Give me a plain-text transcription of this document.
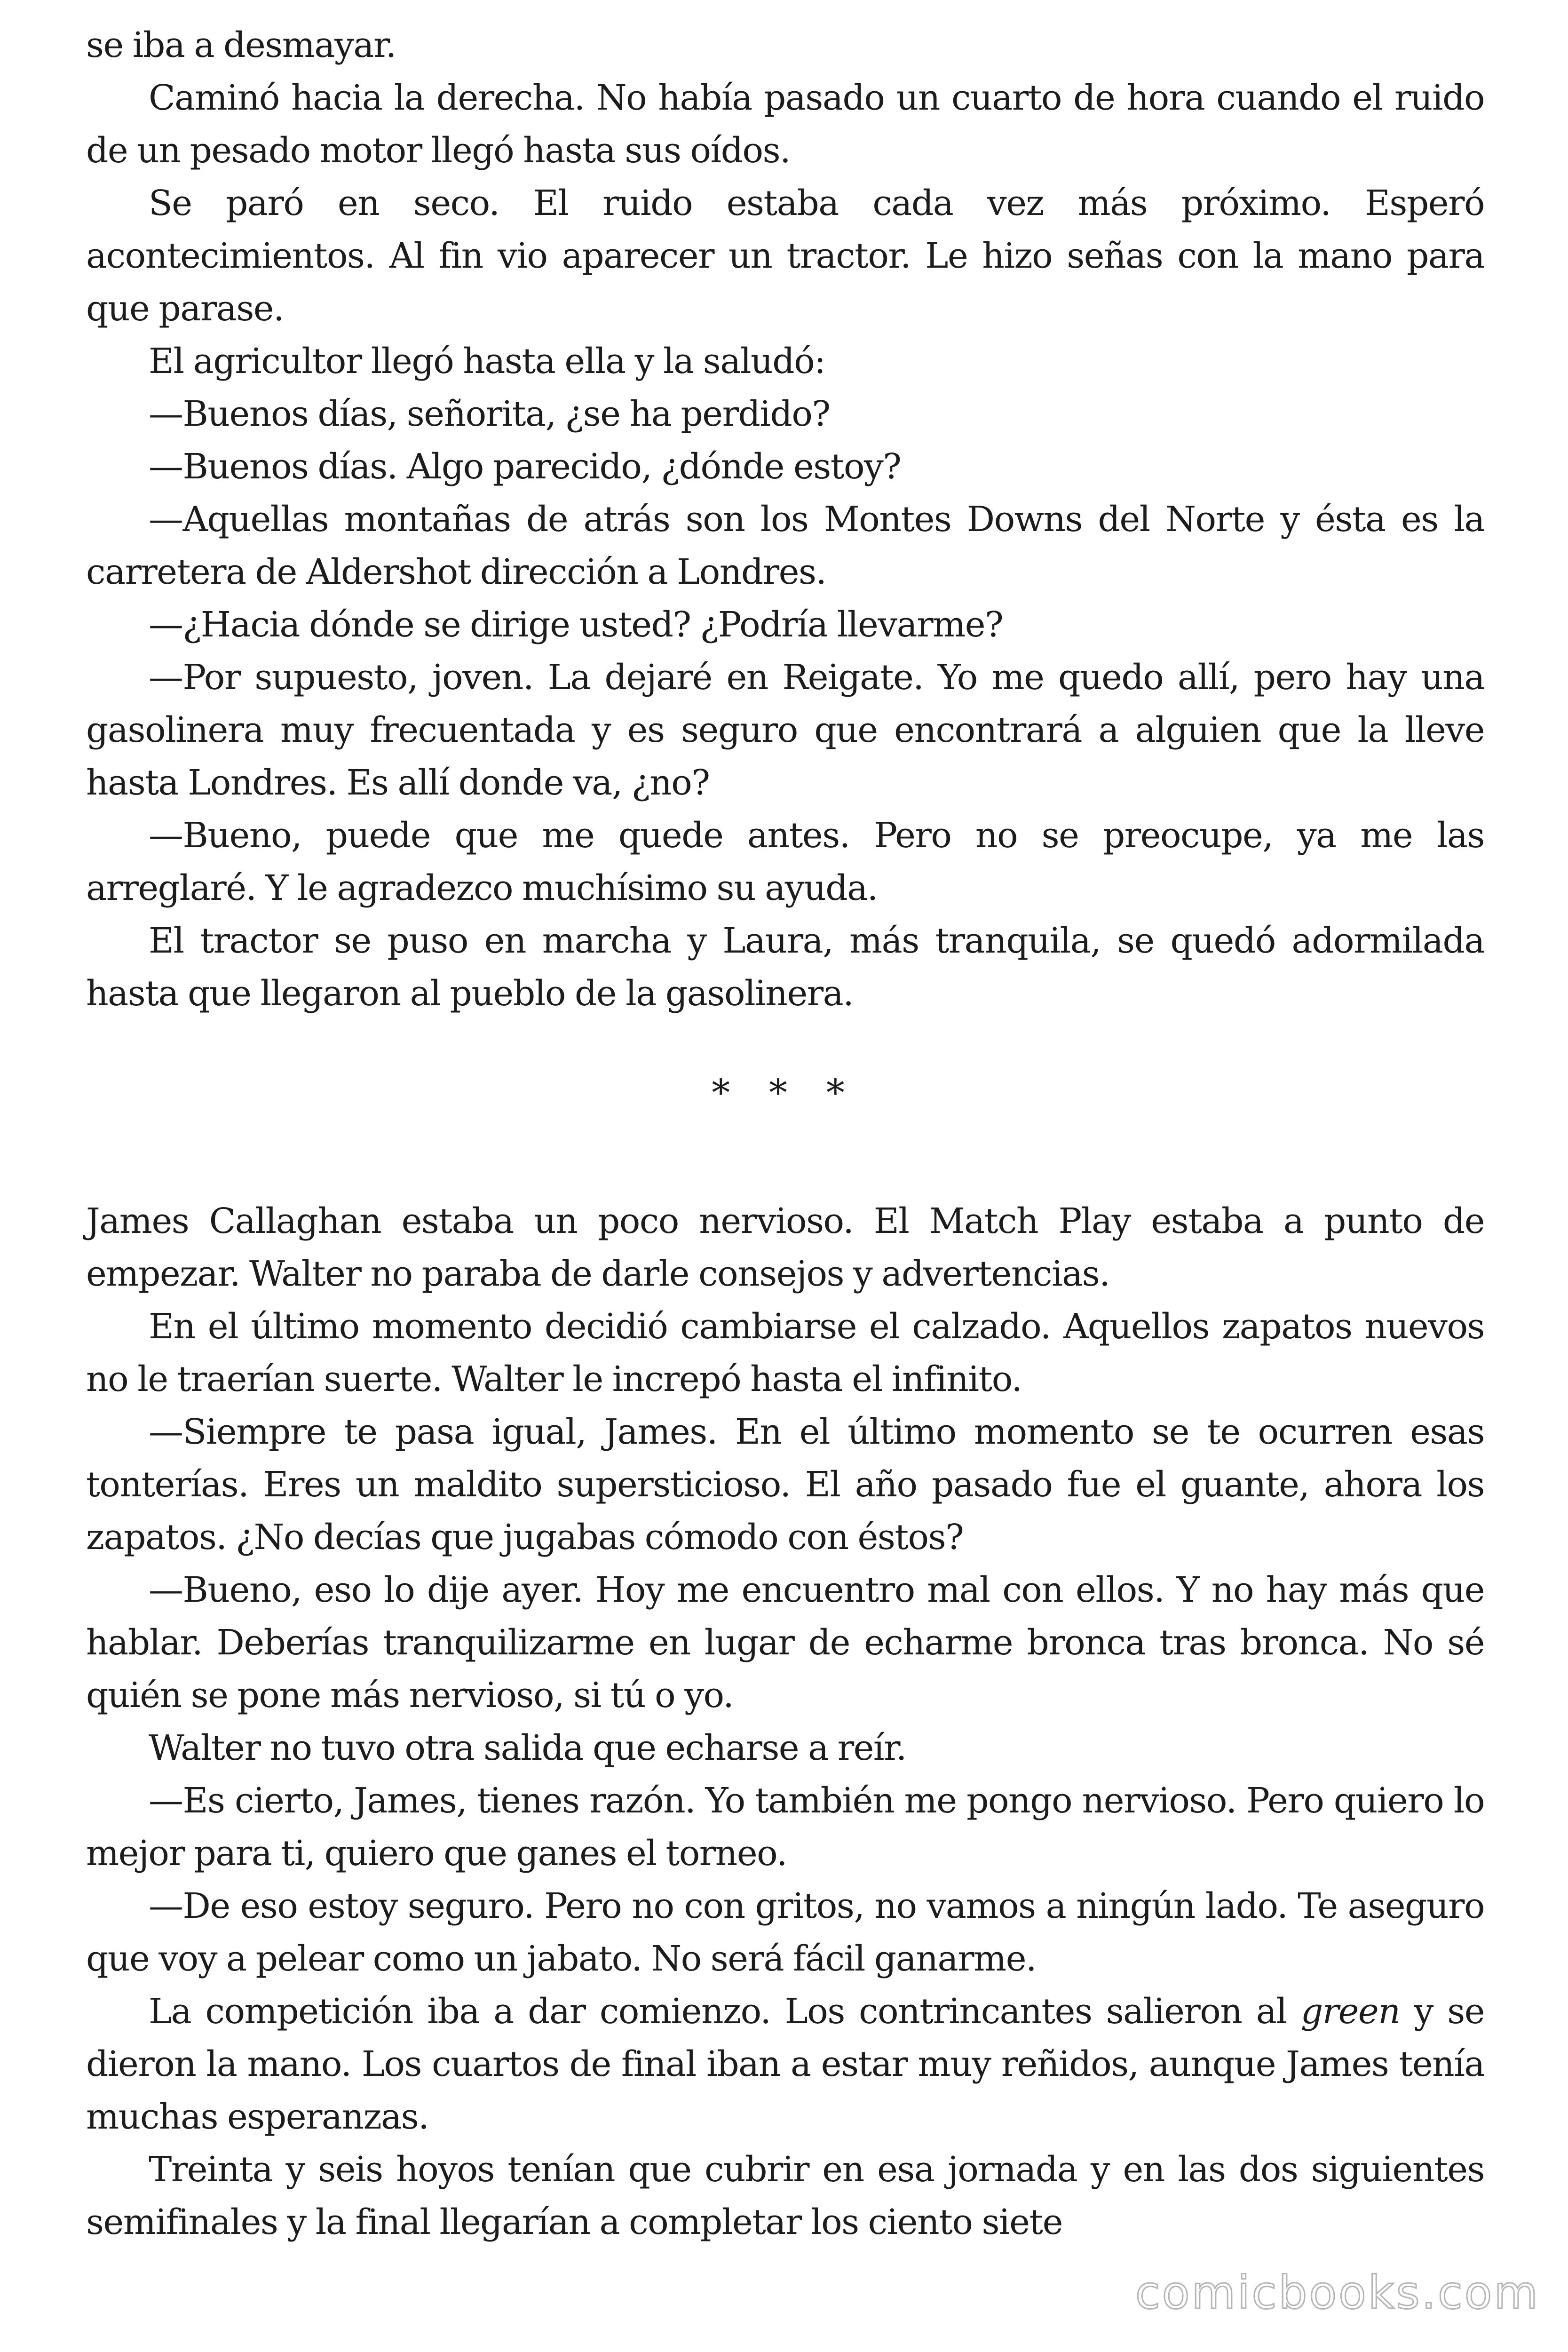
se iba a desmayar.

Caminó hacia la derecha. No había pasado un cuarto de hora cuando el ruido de un pesado motor llegó hasta sus oídos.

Se paró en seco. El ruido estaba cada vez más próximo. Esperó acontecimientos. Al fin vio aparecer un tractor. Le hizo señas con la mano para que parase.

El agricultor llegó hasta ella y la saludó:

—Buenos días, señorita, ¿se ha perdido?

—Buenos días. Algo parecido, ¿dónde estoy?

—Aquellas montañas de atrás son los Montes Downs del Norte y ésta es la carretera de Aldershot dirección a Londres.

—¿Hacia dónde se dirige usted? ¿Podría llevarme?

—Por supuesto, joven. La dejaré en Reigate. Yo me quedo allí, pero hay una gasolinera muy frecuentada y es seguro que encontrará a alguien que la lleve hasta Londres. Es allí donde va, ¿no?

—Bueno, puede que me quede antes. Pero no se preocupe, ya me las arreglaré. Y le agradezco muchísimo su ayuda.

El tractor se puso en marcha y Laura, más tranquila, se quedó adormilada hasta que llegaron al pueblo de la gasolinera.

* * *

James Callaghan estaba un poco nervioso. El Match Play estaba a punto de empezar. Walter no paraba de darle consejos y advertencias.

En el último momento decidió cambiarse el calzado. Aquellos zapatos nuevos no le traerían suerte. Walter le increpó hasta el infinito.

—Siempre te pasa igual, James. En el último momento se te ocurren esas tonterías. Eres un maldito supersticioso. El año pasado fue el guante, ahora los zapatos. ¿No decías que jugabas cómodo con éstos?

—Bueno, eso lo dije ayer. Hoy me encuentro mal con ellos. Y no hay más que hablar. Deberías tranquilizarme en lugar de echarme bronca tras bronca. No sé quién se pone más nervioso, si tú o yo.

Walter no tuvo otra salida que echarse a reír.

—Es cierto, James, tienes razón. Yo también me pongo nervioso. Pero quiero lo mejor para ti, quiero que ganes el torneo.

—De eso estoy seguro. Pero no con gritos, no vamos a ningún lado. Te aseguro que voy a pelear como un jabato. No será fácil ganarme.

La competición iba a dar comienzo. Los contrincantes salieron al green y se dieron la mano. Los cuartos de final iban a estar muy reñidos, aunque James tenía muchas esperanzas.

Treinta y seis hoyos tenían que cubrir en esa jornada y en las dos siguientes semifinales y la final llegarían a completar los ciento siete

comicbooks.com
